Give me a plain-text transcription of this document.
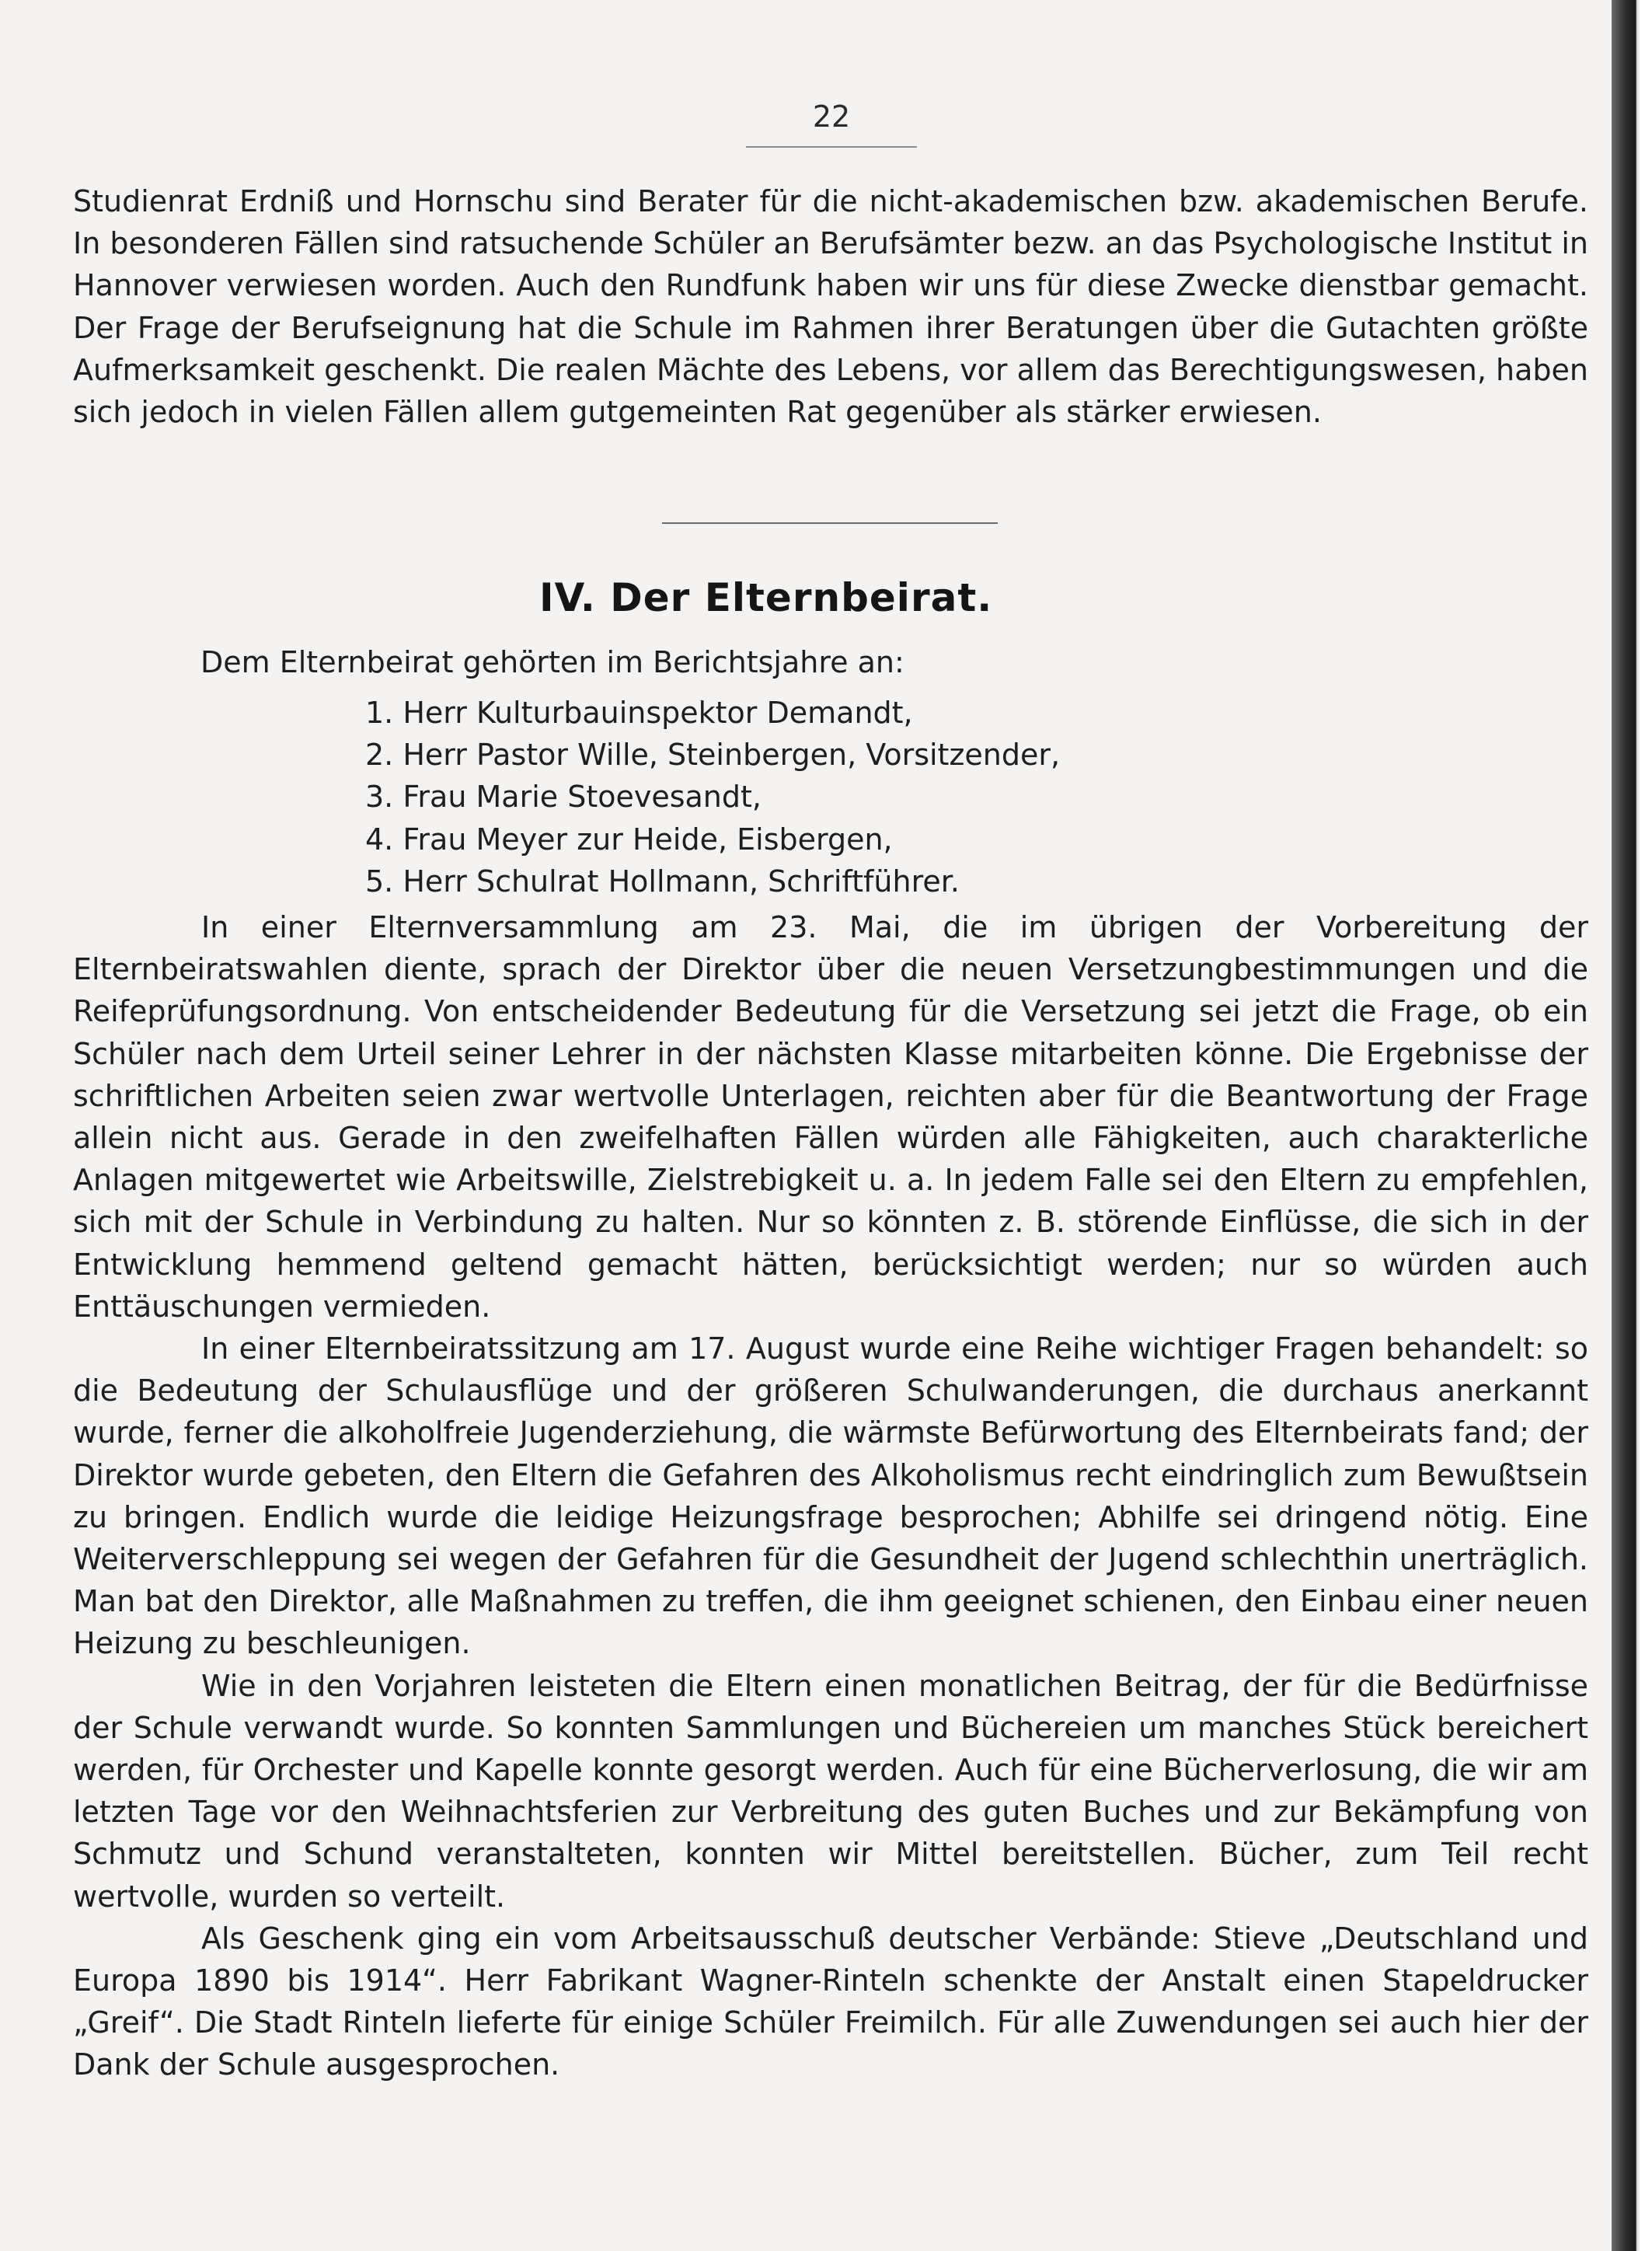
22

Studienrat Erdniß und Hornschu sind Berater für die nicht-akademischen bzw. akademischen Berufe. In besonderen Fällen sind ratsuchende Schüler an Berufsämter bezw. an das Psychologische Institut in Hannover verwiesen worden. Auch den Rundfunk haben wir uns für diese Zwecke dienstbar gemacht. Der Frage der Berufseignung hat die Schule im Rahmen ihrer Beratungen über die Gutachten größte Aufmerksamkeit geschenkt. Die realen Mächte des Lebens, vor allem das Berechtigungswesen, haben sich jedoch in vielen Fällen allem gutgemeinten Rat gegenüber als stärker erwiesen.

IV. Der Elternbeirat.
Dem Elternbeirat gehörten im Berichtsjahre an:
1. Herr Kulturbauinspektor Demandt,
2. Herr Pastor Wille, Steinbergen, Vorsitzender,
3. Frau Marie Stoevesandt,
4. Frau Meyer zur Heide, Eisbergen,
5. Herr Schulrat Hollmann, Schriftführer.

In einer Elternversammlung am 23. Mai, die im übrigen der Vorbereitung der Elternbeiratswahlen diente, sprach der Direktor über die neuen Versetzungbestimmungen und die Reifeprüfungsordnung. Von entscheidender Bedeutung für die Versetzung sei jetzt die Frage, ob ein Schüler nach dem Urteil seiner Lehrer in der nächsten Klasse mitarbeiten könne. Die Ergebnisse der schriftlichen Arbeiten seien zwar wertvolle Unterlagen, reichten aber für die Beantwortung der Frage allein nicht aus. Gerade in den zweifelhaften Fällen würden alle Fähigkeiten, auch charakterliche Anlagen mitgewertet wie Arbeitswille, Zielstrebigkeit u. a. In jedem Falle sei den Eltern zu empfehlen, sich mit der Schule in Verbindung zu halten. Nur so könnten z. B. störende Einflüsse, die sich in der Entwicklung hemmend geltend gemacht hätten, berücksichtigt werden; nur so würden auch Enttäuschungen vermieden.

In einer Elternbeiratssitzung am 17. August wurde eine Reihe wichtiger Fragen behandelt: so die Bedeutung der Schulausflüge und der größeren Schulwanderungen, die durchaus anerkannt wurde, ferner die alkoholfreie Jugenderziehung, die wärmste Befürwortung des Elternbeirats fand; der Direktor wurde gebeten, den Eltern die Gefahren des Alkoholismus recht eindringlich zum Bewußtsein zu bringen. Endlich wurde die leidige Heizungsfrage besprochen; Abhilfe sei dringend nötig. Eine Weiterverschleppung sei wegen der Gefahren für die Gesundheit der Jugend schlechthin unerträglich. Man bat den Direktor, alle Maßnahmen zu treffen, die ihm geeignet schienen, den Einbau einer neuen Heizung zu beschleunigen.

Wie in den Vorjahren leisteten die Eltern einen monatlichen Beitrag, der für die Bedürfnisse der Schule verwandt wurde. So konnten Sammlungen und Büchereien um manches Stück bereichert werden, für Orchester und Kapelle konnte gesorgt werden. Auch für eine Bücherverlosung, die wir am letzten Tage vor den Weihnachtsferien zur Verbreitung des guten Buches und zur Bekämpfung von Schmutz und Schund veranstalteten, konnten wir Mittel bereitstellen. Bücher, zum Teil recht wertvolle, wurden so verteilt.

Als Geschenk ging ein vom Arbeitsausschuß deutscher Verbände: Stieve „Deutschland und Europa 1890 bis 1914“. Herr Fabrikant Wagner-Rinteln schenkte der Anstalt einen Stapeldrucker „Greif“. Die Stadt Rinteln lieferte für einige Schüler Freimilch. Für alle Zuwendungen sei auch hier der Dank der Schule ausgesprochen.
